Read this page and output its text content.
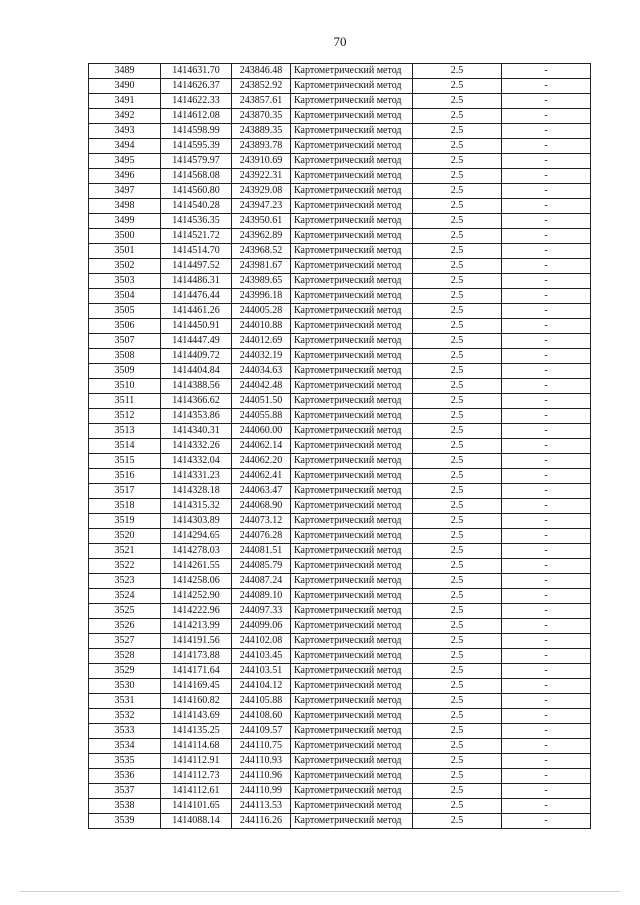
70
3489	1414631.70	243846.48	Картометрический метод	2.5	-
3490	1414626.37	243852.92	Картометрический метод	2.5	-
3491	1414622.33	243857.61	Картометрический метод	2.5	-
3492	1414612.08	243870.35	Картометрический метод	2.5	-
3493	1414598.99	243889.35	Картометрический метод	2.5	-
3494	1414595.39	243893.78	Картометрический метод	2.5	-
3495	1414579.97	243910.69	Картометрический метод	2.5	-
3496	1414568.08	243922.31	Картометрический метод	2.5	-
3497	1414560.80	243929.08	Картометрический метод	2.5	-
3498	1414540.28	243947.23	Картометрический метод	2.5	-
3499	1414536.35	243950.61	Картометрический метод	2.5	-
3500	1414521.72	243962.89	Картометрический метод	2.5	-
3501	1414514.70	243968.52	Картометрический метод	2.5	-
3502	1414497.52	243981.67	Картометрический метод	2.5	-
3503	1414486.31	243989.65	Картометрический метод	2.5	-
3504	1414476.44	243996.18	Картометрический метод	2.5	-
3505	1414461.26	244005.28	Картометрический метод	2.5	-
3506	1414450.91	244010.88	Картометрический метод	2.5	-
3507	1414447.49	244012.69	Картометрический метод	2.5	-
3508	1414409.72	244032.19	Картометрический метод	2.5	-
3509	1414404.84	244034.63	Картометрический метод	2.5	-
3510	1414388.56	244042.48	Картометрический метод	2.5	-
3511	1414366.62	244051.50	Картометрический метод	2.5	-
3512	1414353.86	244055.88	Картометрический метод	2.5	-
3513	1414340.31	244060.00	Картометрический метод	2.5	-
3514	1414332.26	244062.14	Картометрический метод	2.5	-
3515	1414332.04	244062.20	Картометрический метод	2.5	-
3516	1414331.23	244062.41	Картометрический метод	2.5	-
3517	1414328.18	244063.47	Картометрический метод	2.5	-
3518	1414315.32	244068.90	Картометрический метод	2.5	-
3519	1414303.89	244073.12	Картометрический метод	2.5	-
3520	1414294.65	244076.28	Картометрический метод	2.5	-
3521	1414278.03	244081.51	Картометрический метод	2.5	-
3522	1414261.55	244085.79	Картометрический метод	2.5	-
3523	1414258.06	244087.24	Картометрический метод	2.5	-
3524	1414252.90	244089.10	Картометрический метод	2.5	-
3525	1414222.96	244097.33	Картометрический метод	2.5	-
3526	1414213.99	244099.06	Картометрический метод	2.5	-
3527	1414191.56	244102.08	Картометрический метод	2.5	-
3528	1414173.88	244103.45	Картометрический метод	2.5	-
3529	1414171.64	244103.51	Картометрический метод	2.5	-
3530	1414169.45	244104.12	Картометрический метод	2.5	-
3531	1414160.82	244105.88	Картометрический метод	2.5	-
3532	1414143.69	244108.60	Картометрический метод	2.5	-
3533	1414135.25	244109.57	Картометрический метод	2.5	-
3534	1414114.68	244110.75	Картометрический метод	2.5	-
3535	1414112.91	244110.93	Картометрический метод	2.5	-
3536	1414112.73	244110.96	Картометрический метод	2.5	-
3537	1414112.61	244110.99	Картометрический метод	2.5	-
3538	1414101.65	244113.53	Картометрический метод	2.5	-
3539	1414088.14	244116.26	Картометрический метод	2.5	-
